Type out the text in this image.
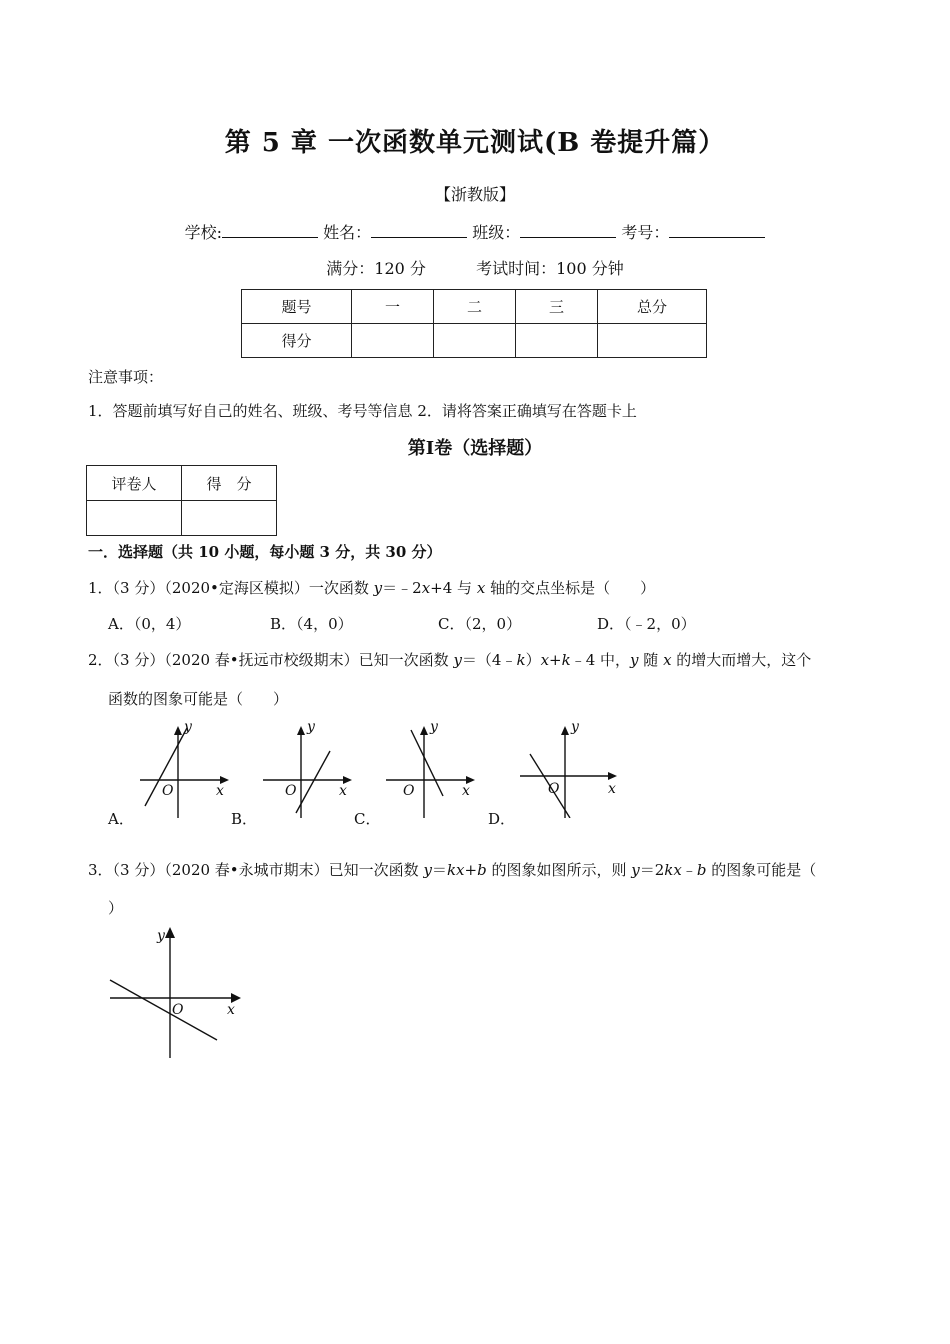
第 5 章 一次函数单元测试(B 卷提升篇）
【浙教版】
学校:	姓名：	班级：	考号：
满分：120 分	考试时间：100 分钟
题号	一	二	三	总分
得分				
注意事项：
1．答题前填写好自己的姓名、班级、考号等信息 2．请将答案正确填写在答题卡上
第Ⅰ卷（选择题）
评卷人	得　分

一．选择题（共 10 小题，每小题 3 分，共 30 分）
1．（3 分）（2020•定海区模拟）一次函数 y＝﹣2x+4 与 x 轴的交点坐标是（　　）
A．（0，4）	B．（4，0）	C．（2，0）	D．（﹣2，0）
2．（3 分）（2020 春•抚远市校级期末）已知一次函数 y＝（4﹣k）x+k﹣4 中，y 随 x 的增大而增大，这个
函数的图象可能是（　　）
x
y
O	x
y
O	x
y
O	x
y
O
A．	B．	C．	D．
3．（3 分）（2020 春•永城市期末）已知一次函数 y＝kx+b 的图象如图所示，则 y＝2kx﹣b 的图象可能是（
）
x
y
O
